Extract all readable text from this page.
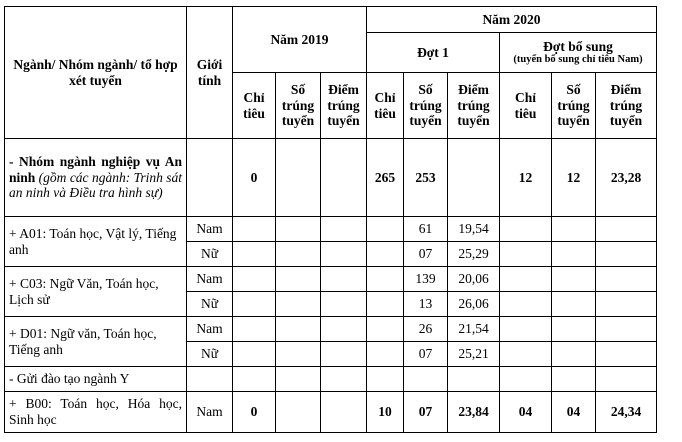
Ngành/ Nhóm ngành/ tổ hợp xét tuyển	Giới tính	Năm 2019			Năm 2020					
					Đợt 1			Đợt bổ sung
(tuyển bổ sung chỉ tiêu Nam)		

		Chỉ tiêu	Số trúng tuyển	Điểm trúng tuyển	Chỉ tiêu	Số trúng tuyển	Điểm trúng tuyển	Chỉ tiêu	Số trúng tuyển	Điểm trúng tuyển
- Nhóm ngành nghiệp vụ An ninh (gồm các ngành: Trinh sát an ninh và Điều tra hình sự)		0			265	253		12	12	23,28
+ A01: Toán học, Vật lý, Tiếng anh	Nam					61	19,54			
	Nữ					07	25,29			
+ C03: Ngữ Văn, Toán học, Lịch sử	Nam					139	20,06			
	Nữ					13	26,06			
+ D01: Ngữ văn, Toán học, Tiếng anh	Nam					26	21,54			
	Nữ					07	25,21			
- Gửi đào tạo ngành Y										
+ B00: Toán học, Hóa học, Sinh học	Nam	0			10	07	23,84	04	04	24,34
